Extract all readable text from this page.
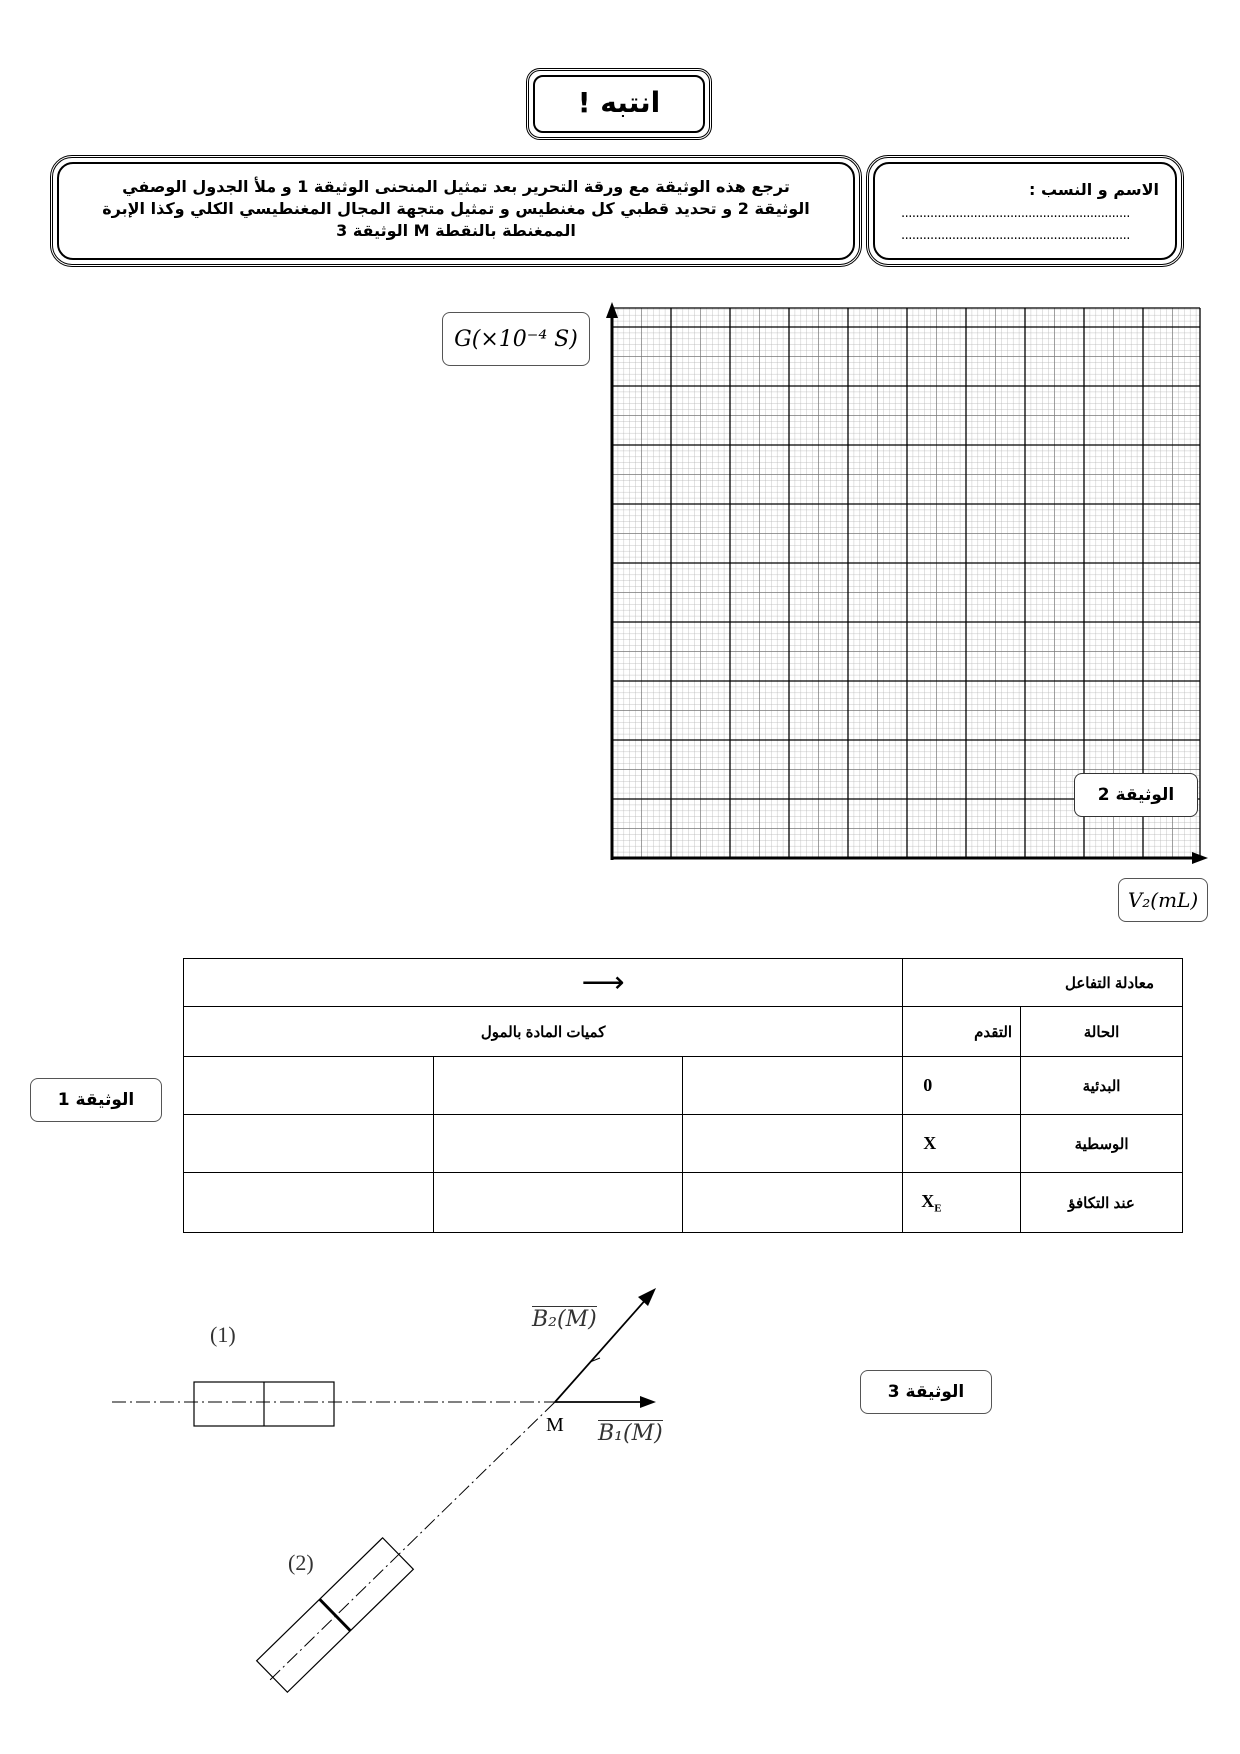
انتبه !
ترجع هذه الوثيقة مع ورقة التحرير بعد تمثيل المنحنى الوثيقة 1 و ملأ الجدول الوصفي
الوثيقة 2 و تحديد قطبي كل مغنطيس و تمثيل متجهة المجال المغنطيسي الكلي وكذا الإبرة
الممغنطة بالنقطة M الوثيقة 3
الاسم و النسب :
...............................................................
...............................................................
G(×10⁻⁴ S)
الوثيقة 2
V₂(mL)
الوثيقة 1
⟶			معادلة التفاعل	
كميات المادة بالمول			التقدم	الحالة
			0	البدئية
			X	الوسطية
			$X_E$	عند التكافؤ
(1)
(2)
M B₁(M)
B₂(M)
الوثيقة 3
